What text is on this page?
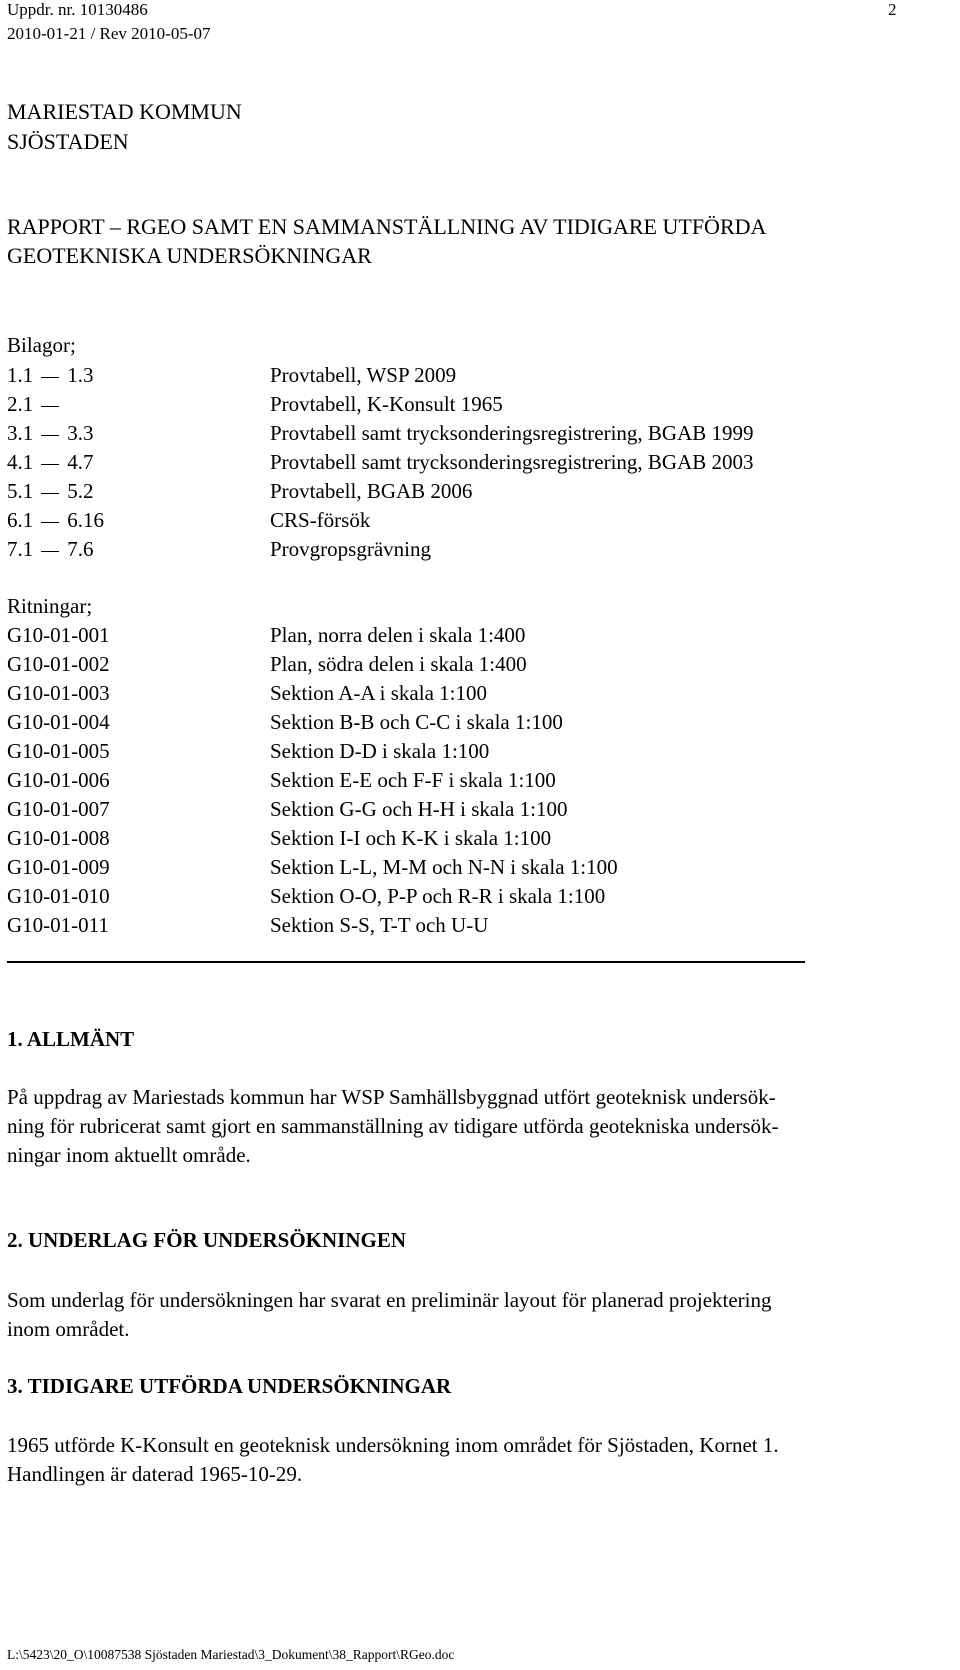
Uppdr. nr. 10130486	2
2010-01-21 / Rev 2010-05-07
MARIESTAD KOMMUN
SJÖSTADEN
RAPPORT – RGEO SAMT EN SAMMANSTÄLLNING AV TIDIGARE UTFÖRDA
GEOTEKNISKA UNDERSÖKNINGAR
Bilagor;
1.1 1.3	Provtabell, WSP 2009
2.1	Provtabell, K-Konsult 1965
3.1 3.3	Provtabell samt trycksonderingsregistrering, BGAB 1999
4.1 4.7	Provtabell samt trycksonderingsregistrering, BGAB 2003
5.1 5.2	Provtabell, BGAB 2006
6.1 6.16	CRS-försök
7.1 7.6	Provgropsgrävning
Ritningar;
G10-01-001	Plan, norra delen i skala 1:400
G10-01-002	Plan, södra delen i skala 1:400
G10-01-003	Sektion A-A i skala 1:100
G10-01-004	Sektion B-B och C-C i skala 1:100
G10-01-005	Sektion D-D i skala 1:100
G10-01-006	Sektion E-E och F-F i skala 1:100
G10-01-007	Sektion G-G och H-H i skala 1:100
G10-01-008	Sektion I-I och K-K i skala 1:100
G10-01-009	Sektion L-L, M-M och N-N i skala 1:100
G10-01-010	Sektion O-O, P-P och R-R i skala 1:100
G10-01-011	Sektion S-S, T-T och U-U
1. ALLMÄNT
På uppdrag av Mariestads kommun har WSP Samhällsbyggnad utfört geoteknisk undersök-
ning för rubricerat samt gjort en sammanställning av tidigare utförda geotekniska undersök-
ningar inom aktuellt område.
2. UNDERLAG FÖR UNDERSÖKNINGEN
Som underlag för undersökningen har svarat en preliminär layout för planerad projektering
inom området.
3. TIDIGARE UTFÖRDA UNDERSÖKNINGAR
1965 utförde K-Konsult en geoteknisk undersökning inom området för Sjöstaden, Kornet 1.
Handlingen är daterad 1965-10-29.
L:\5423\20_O\10087538 Sjöstaden Mariestad\3_Dokument\38_Rapport\RGeo.doc
